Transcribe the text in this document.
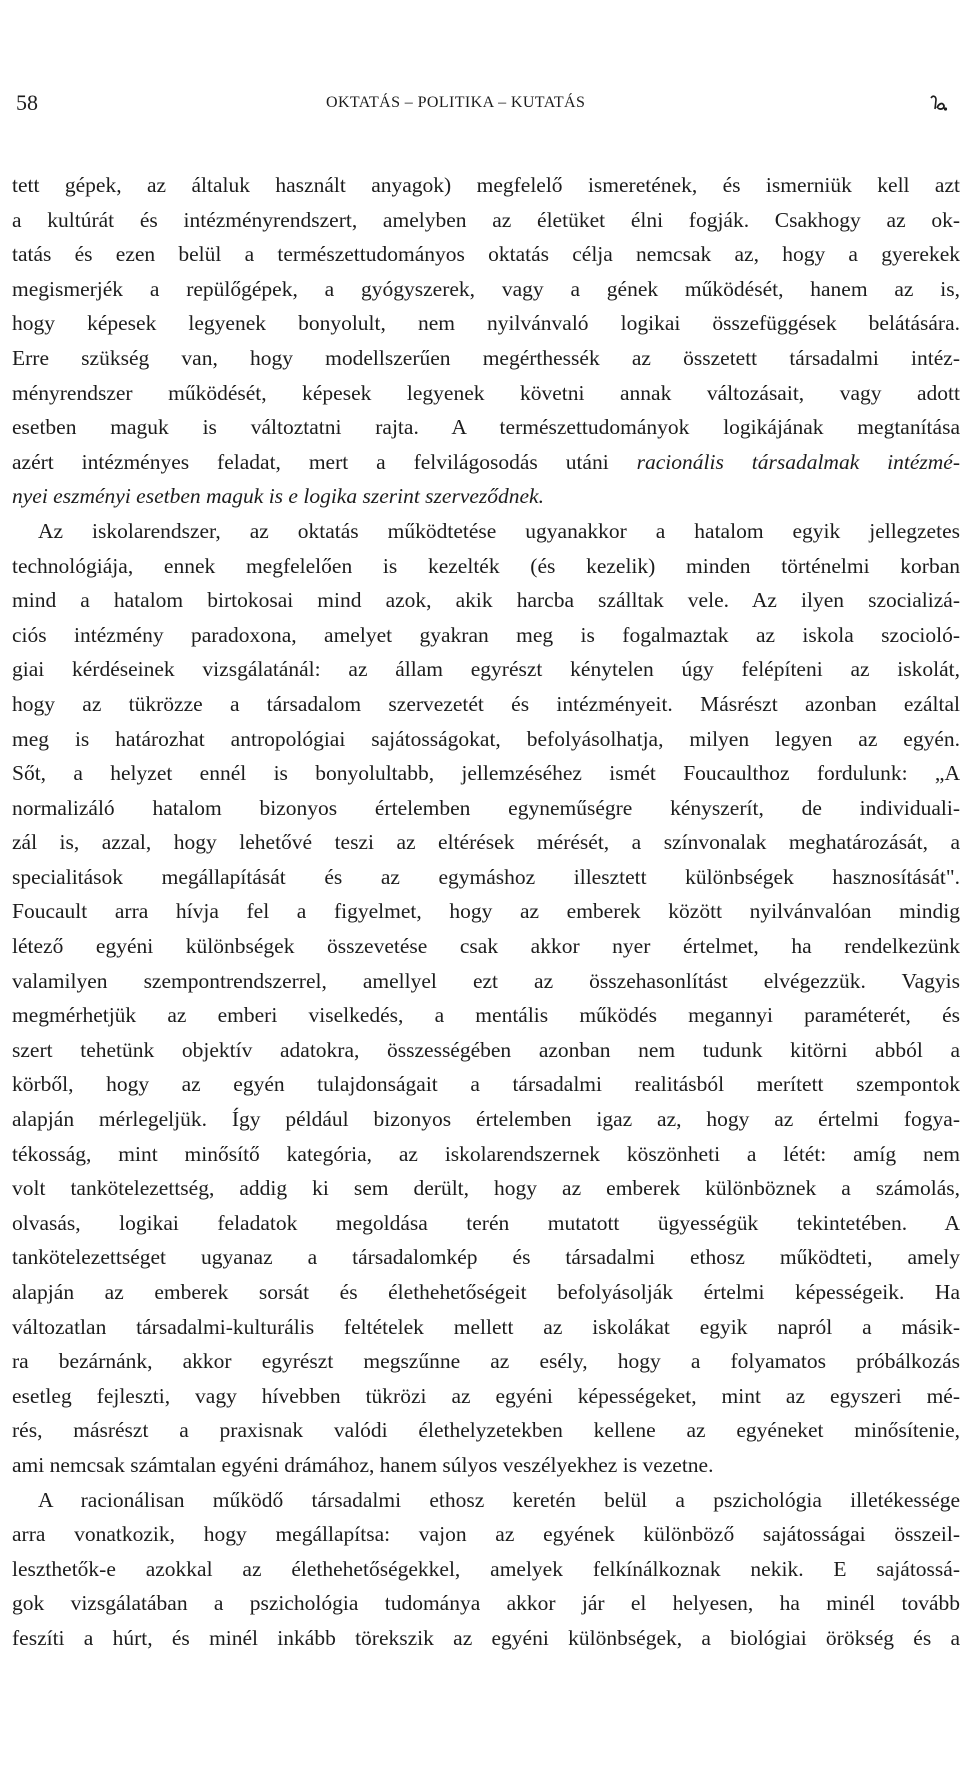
58	OKTATÁS – POLITIKA – KUTATÁS
tett gépek, az általuk használt anyagok) megfelelő ismeretének, és ismerniük kell azt
a kultúrát és intézményrendszert, amelyben az életüket élni fogják. Csakhogy az ok-
tatás és ezen belül a természettudományos oktatás célja nemcsak az, hogy a gyerekek
megismerjék a repülőgépek, a gyógyszerek, vagy a gének működését, hanem az is,
hogy képesek legyenek bonyolult, nem nyilvánvaló logikai összefüggések belátására.
Erre szükség van, hogy modellszerűen megérthessék az összetett társadalmi intéz-
ményrendszer működését, képesek legyenek követni annak változásait, vagy adott
esetben maguk is változtatni rajta. A természettudományok logikájának megtanítása
azért intézményes feladat, mert a felvilágosodás utáni racionális társadalmak intézmé-
nyei eszményi esetben maguk is e logika szerint szerveződnek.
Az iskolarendszer, az oktatás működtetése ugyanakkor a hatalom egyik jellegzetes
technológiája, ennek megfelelően is kezelték (és kezelik) minden történelmi korban
mind a hatalom birtokosai mind azok, akik harcba szálltak vele. Az ilyen szocializá-
ciós intézmény paradoxona, amelyet gyakran meg is fogalmaztak az iskola szocioló-
giai kérdéseinek vizsgálatánál: az állam egyrészt kénytelen úgy felépíteni az iskolát,
hogy az tükrözze a társadalom szervezetét és intézményeit. Másrészt azonban ezáltal
meg is határozhat antropológiai sajátosságokat, befolyásolhatja, milyen legyen az egyén.
Sőt, a helyzet ennél is bonyolultabb, jellemzéséhez ismét Foucaulthoz fordulunk: „A
normalizáló hatalom bizonyos értelemben egyneműségre kényszerít, de individuali-
zál is, azzal, hogy lehetővé teszi az eltérések mérését, a színvonalak meghatározását, a
specialitások megállapítását és az egymáshoz illesztett különbségek hasznosítását".
Foucault arra hívja fel a figyelmet, hogy az emberek között nyilvánvalóan mindig
létező egyéni különbségek összevetése csak akkor nyer értelmet, ha rendelkezünk
valamilyen szempontrendszerrel, amellyel ezt az összehasonlítást elvégezzük. Vagyis
megmérhetjük az emberi viselkedés, a mentális működés megannyi paraméterét, és
szert tehetünk objektív adatokra, összességében azonban nem tudunk kitörni abból a
körből, hogy az egyén tulajdonságait a társadalmi realitásból merített szempontok
alapján mérlegeljük. Így például bizonyos értelemben igaz az, hogy az értelmi fogya-
tékosság, mint minősítő kategória, az iskolarendszernek köszönheti a létét: amíg nem
volt tankötelezettség, addig ki sem derült, hogy az emberek különböznek a számolás,
olvasás, logikai feladatok megoldása terén mutatott ügyességük tekintetében. A
tankötelezettséget ugyanaz a társadalomkép és társadalmi ethosz működteti, amely
alapján az emberek sorsát és élethehetőségeit befolyásolják értelmi képességeik. Ha
változatlan társadalmi-kulturális feltételek mellett az iskolákat egyik napról a másik-
ra bezárnánk, akkor egyrészt megszűnne az esély, hogy a folyamatos próbálkozás
esetleg fejleszti, vagy hívebben tükrözi az egyéni képességeket, mint az egyszeri mé-
rés, másrészt a praxisnak valódi élethelyzetekben kellene az egyéneket minősítenie,
ami nemcsak számtalan egyéni drámához, hanem súlyos veszélyekhez is vezetne.
A racionálisan működő társadalmi ethosz keretén belül a pszichológia illetékessége
arra vonatkozik, hogy megállapítsa: vajon az egyének különböző sajátosságai összeil-
leszthetők-e azokkal az élethehetőségekkel, amelyek felkínálkoznak nekik. E sajátossá-
gok vizsgálatában a pszichológia tudománya akkor jár el helyesen, ha minél tovább
feszíti a húrt, és minél inkább törekszik az egyéni különbségek, a biológiai örökség és a
